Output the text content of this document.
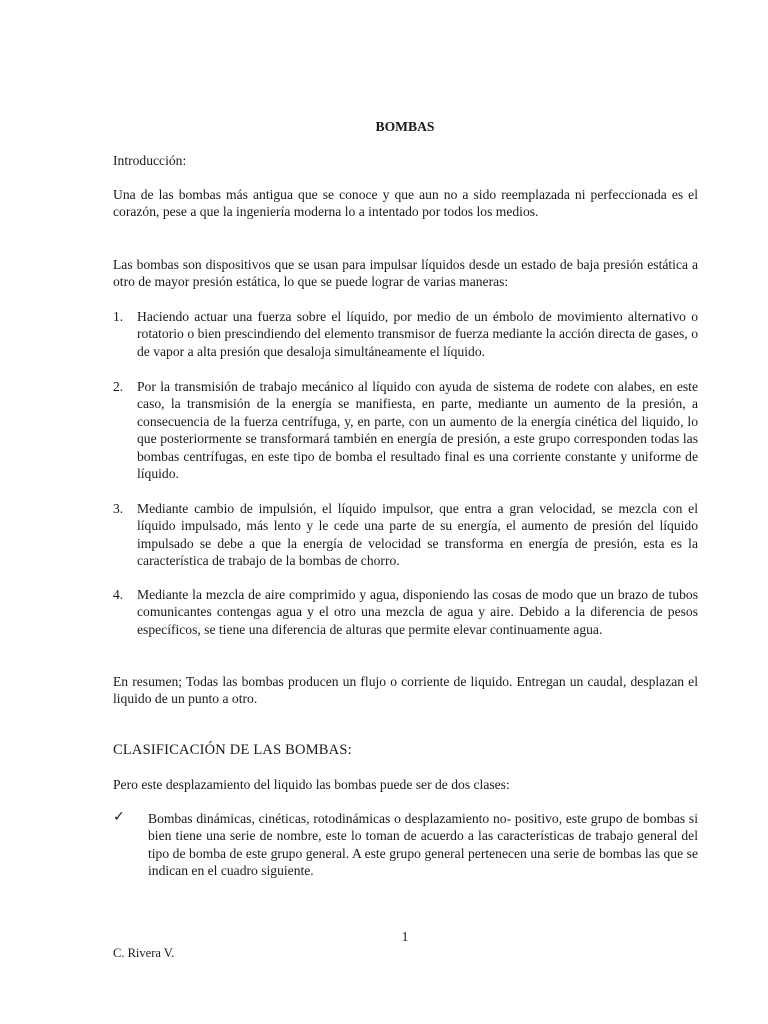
BOMBAS

Introducción:

Una de las bombas más antigua que se conoce y que aun no a sido reemplazada ni perfeccionada es el corazón, pese a que la ingeniería moderna lo a intentado por todos los medios.

Las bombas son dispositivos que se usan para impulsar líquidos desde un estado de baja presión estática a otro de mayor presión estática, lo que se puede lograr de varias maneras:

1. Haciendo actuar una fuerza sobre el líquido, por medio de un émbolo de movimiento alternativo o rotatorio o bien prescindiendo del elemento transmisor de fuerza mediante la acción directa de gases, o de vapor a alta presión que desaloja simultáneamente el líquido.
2. Por la transmisión de trabajo mecánico al líquido con ayuda de sistema de rodete con alabes, en este caso, la transmisión de la energía se manifiesta, en parte, mediante un aumento de la presión, a consecuencia de la fuerza centrífuga, y, en parte, con un aumento de la energía cinética del liquido, lo que posteriormente se transformará también en energía de presión, a este grupo corresponden todas las bombas centrífugas, en este tipo de bomba el resultado final es una corriente constante y uniforme de líquido.
3. Mediante cambio de impulsión, el líquido impulsor, que entra a gran velocidad, se mezcla con el líquido impulsado, más lento y le cede una parte de su energía, el aumento de presión del líquido impulsado se debe a que la energía de velocidad se transforma en energía de presión, esta es la característica de trabajo de la bombas de chorro.
4. Mediante la mezcla de aire comprimido y agua, disponiendo las cosas de modo que un brazo de tubos comunicantes contengas agua y el otro una mezcla de agua y aire. Debido a la diferencia de pesos específicos, se tiene una diferencia de alturas que permite elevar continuamente agua.

En resumen; Todas las bombas producen un flujo o corriente de liquido. Entregan un caudal, desplazan el liquido de un punto a otro.

CLASIFICACIÓN DE LAS BOMBAS:

Pero este desplazamiento del liquido las bombas puede ser de dos clases:

✓ Bombas dinámicas, cinéticas, rotodinámicas o desplazamiento no- positivo, este grupo de bombas si bien tiene una serie de nombre, este lo toman de acuerdo a las características de trabajo general del tipo de bomba de este grupo general. A este grupo general pertenecen una serie de bombas las que se indican en el cuadro siguiente.
1
C. Rivera V.
